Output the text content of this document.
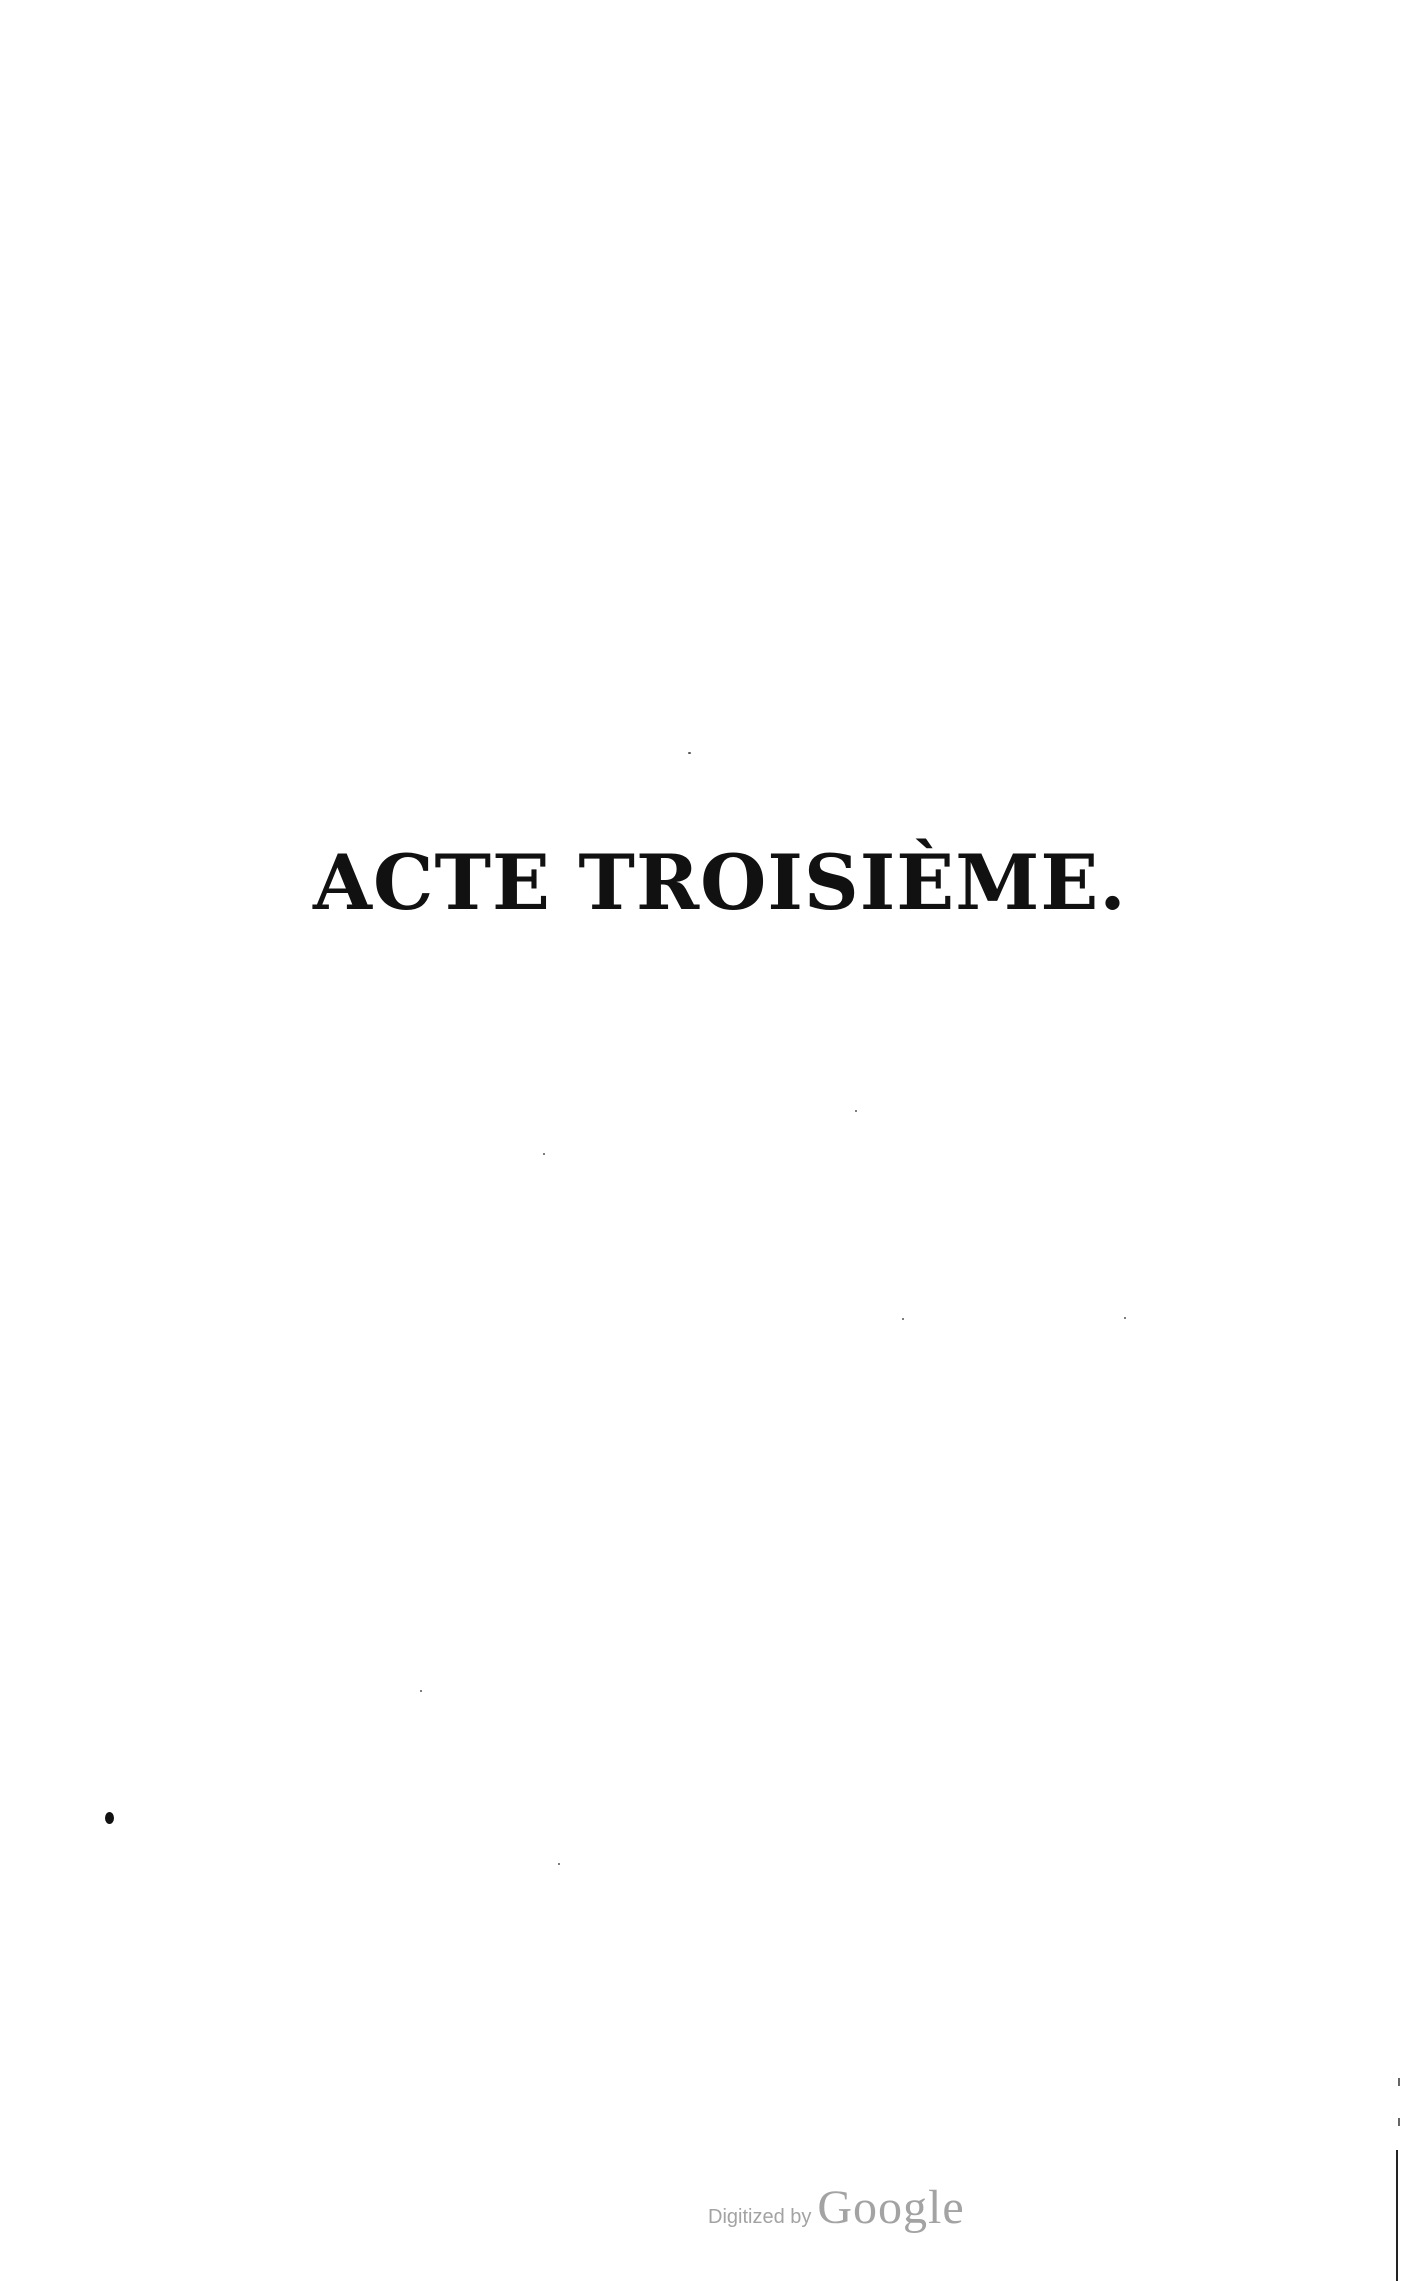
ACTE TROISIÈME.
Digitized by Google
